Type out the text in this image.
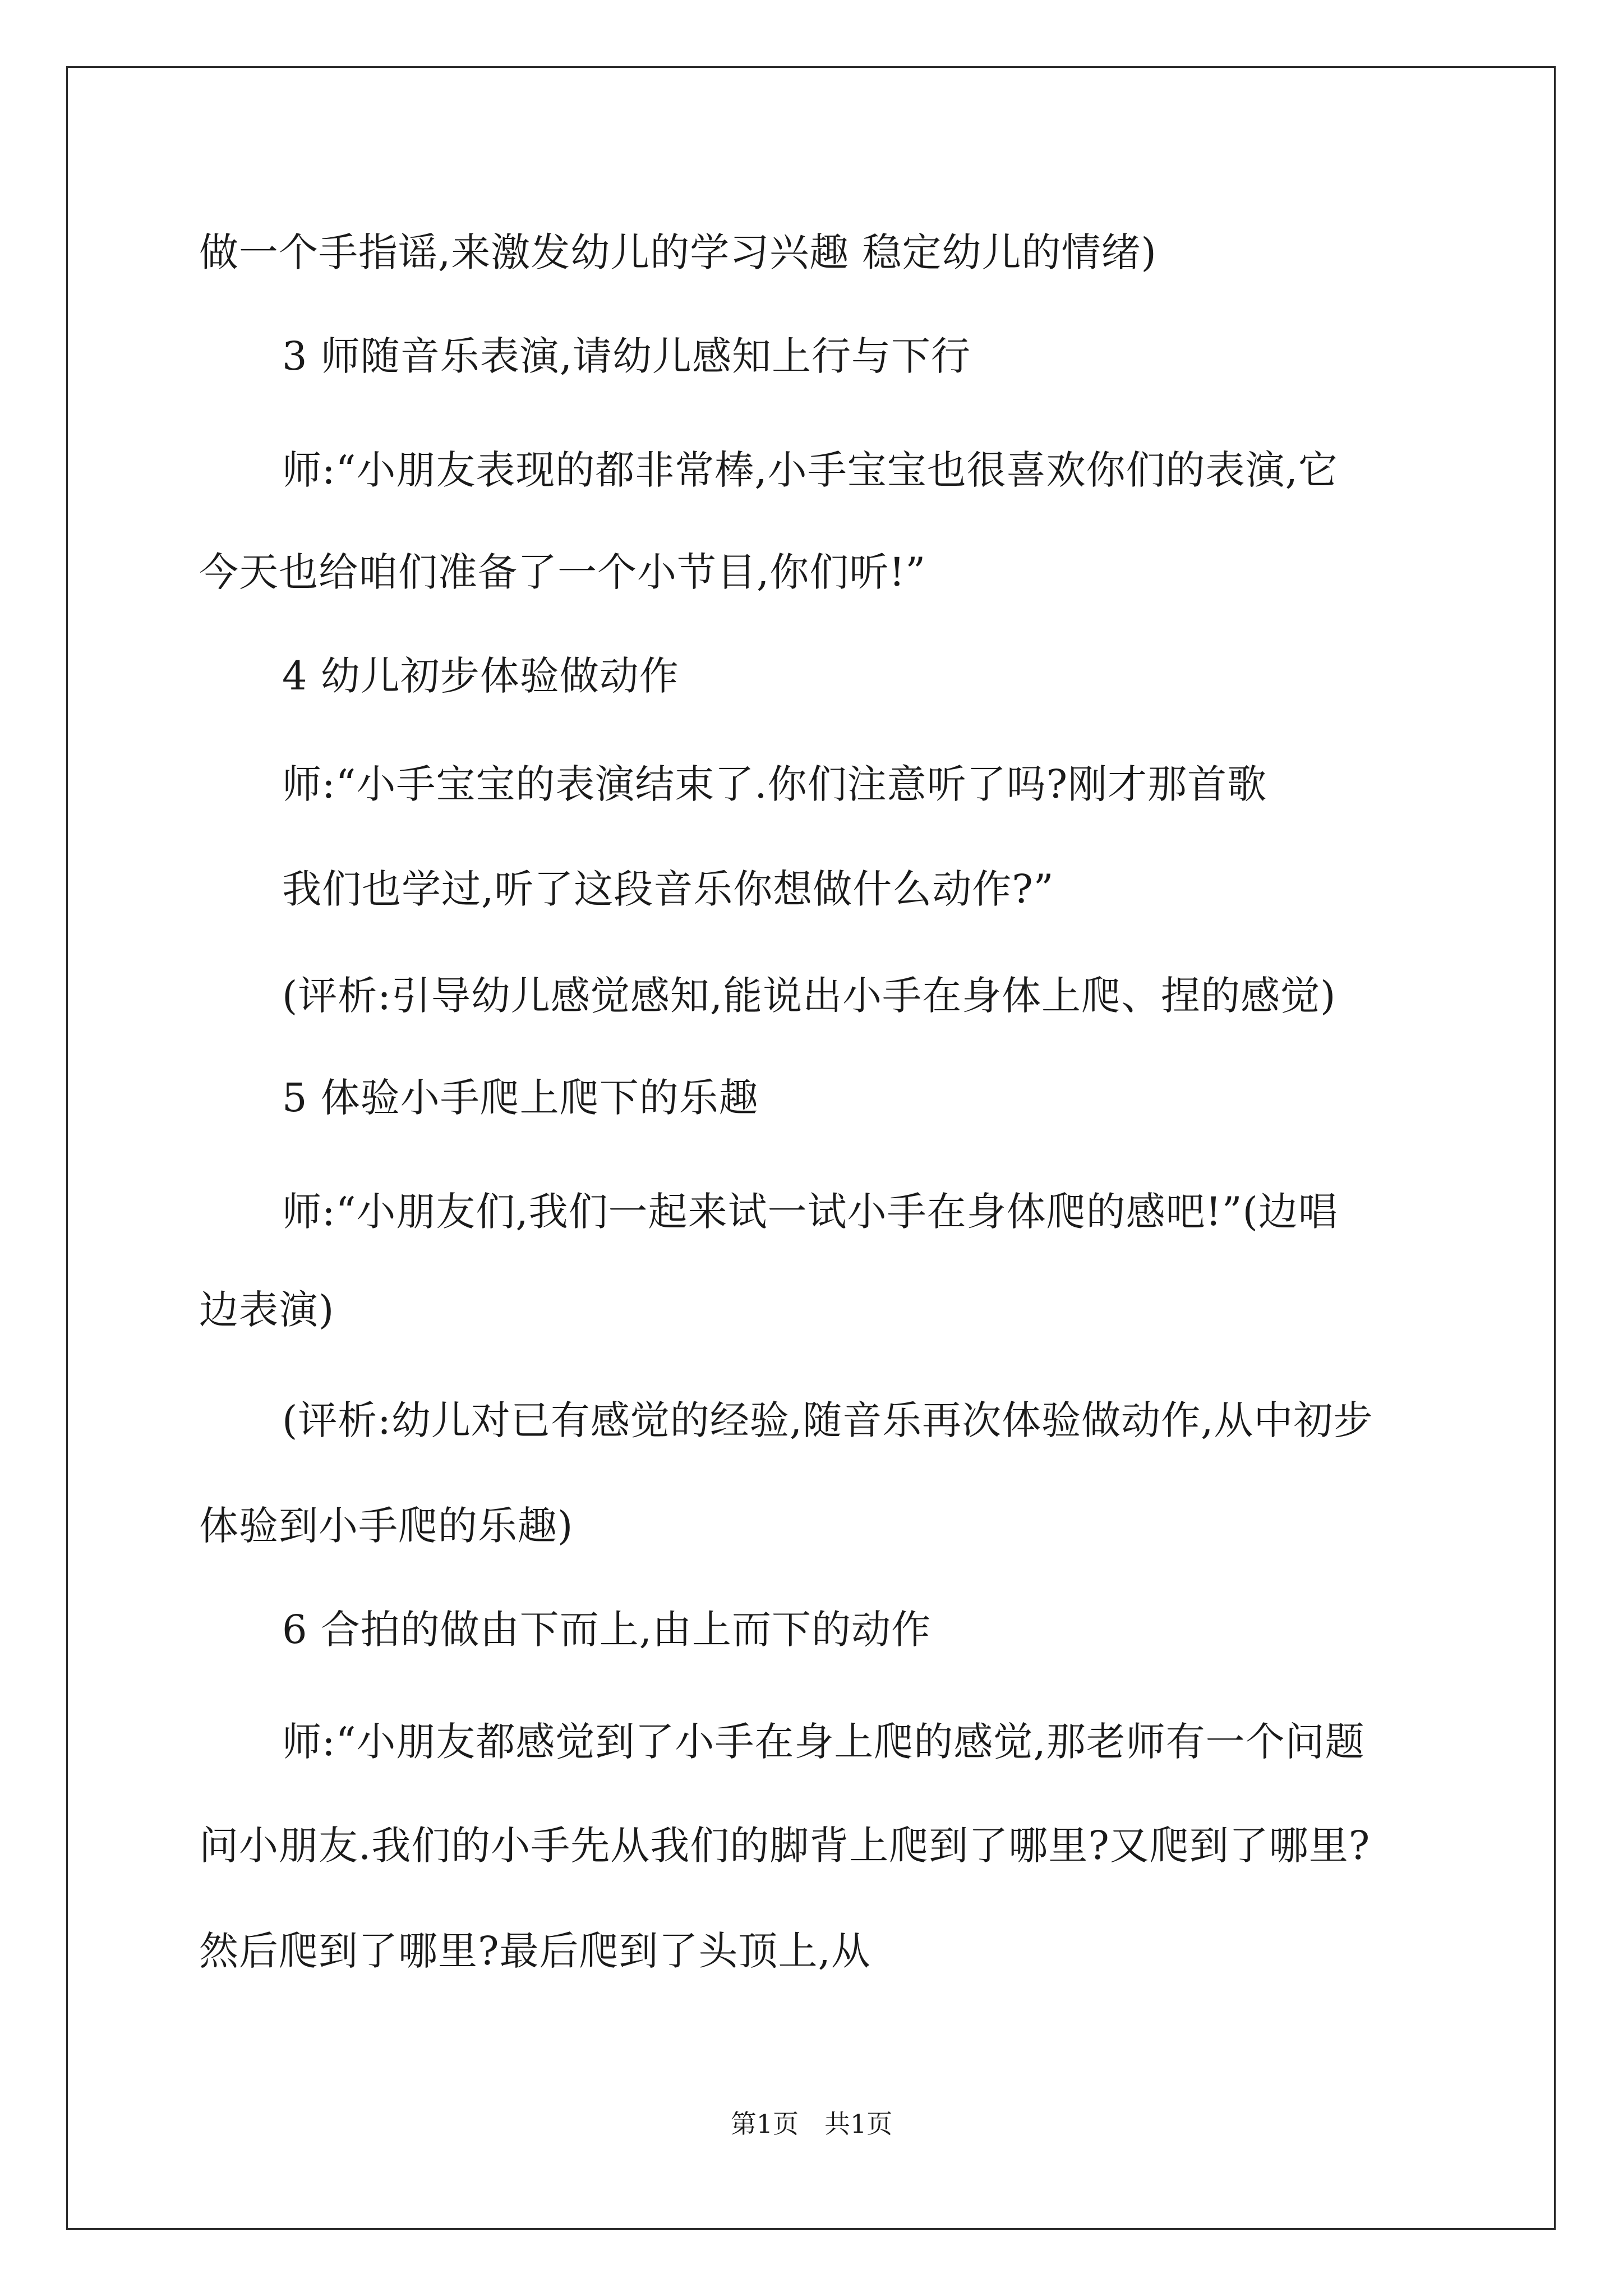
做一个手指谣,来激发幼儿的学习兴趣 稳定幼儿的情绪)
3 师随音乐表演,请幼儿感知上行与下行
师:“小朋友表现的都非常棒,小手宝宝也很喜欢你们的表演,它
今天也给咱们准备了一个小节目,你们听!”
4 幼儿初步体验做动作
师:“小手宝宝的表演结束了.你们注意听了吗?刚才那首歌
我们也学过,听了这段音乐你想做什么动作?”
(评析:引导幼儿感觉感知,能说出小手在身体上爬、捏的感觉)
5 体验小手爬上爬下的乐趣
师:“小朋友们,我们一起来试一试小手在身体爬的感吧!”(边唱
边表演)
(评析:幼儿对已有感觉的经验,随音乐再次体验做动作,从中初步
体验到小手爬的乐趣)
6 合拍的做由下而上,由上而下的动作
师:“小朋友都感觉到了小手在身上爬的感觉,那老师有一个问题
问小朋友.我们的小手先从我们的脚背上爬到了哪里?又爬到了哪里?
然后爬到了哪里?最后爬到了头顶上,从
第1页　共1页
